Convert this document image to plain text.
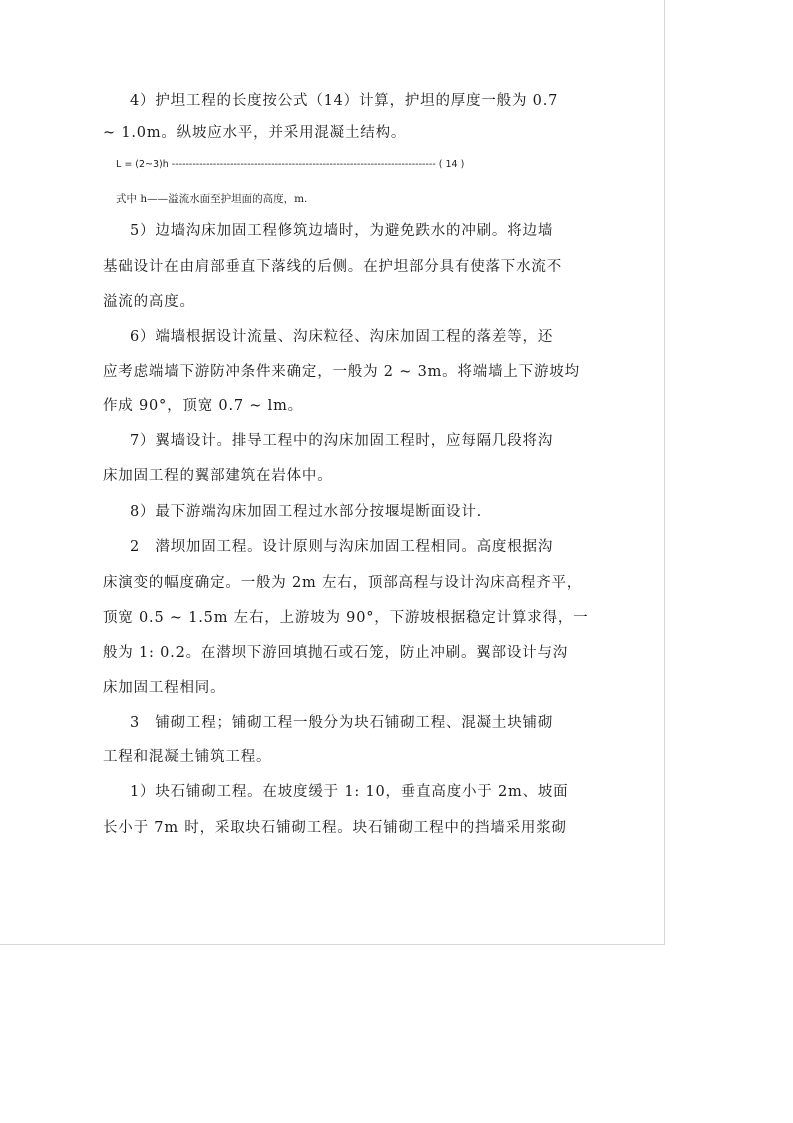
4）护坦工程的长度按公式（14）计算，护坦的厚度一般为 0.7
~ 1.0m。纵坡应水平，并采用混凝土结构。
L = (2~3)h ----------------------------------------------------------------------------- ( 14 )
式中 h——溢流水面至护坦面的高度，m.
5）边墙沟床加固工程修筑边墙时，为避免跌水的冲刷。将边墙
基础设计在由肩部垂直下落线的后侧。在护坦部分具有使落下水流不
溢流的高度。
6）端墙根据设计流量、沟床粒径、沟床加固工程的落差等，还
应考虑端墙下游防冲条件来确定，一般为 2 ~ 3m。将端墙上下游坡均
作成 90°，顶宽 0.7 ~ lm。
7）翼墙设计。排导工程中的沟床加固工程时，应每隔几段将沟
床加固工程的翼部建筑在岩体中。
8）最下游端沟床加固工程过水部分按堰堤断面设计.
2　潜坝加固工程。设计原则与沟床加固工程相同。高度根据沟
床演变的幅度确定。一般为 2m 左右，顶部高程与设计沟床高程齐平，
顶宽 0.5 ~ 1.5m 左右，上游坡为 90°，下游坡根据稳定计算求得，一
般为 1: 0.2。在潜坝下游回填抛石或石笼，防止冲刷。翼部设计与沟
床加固工程相同。
3　铺砌工程；铺砌工程一般分为块石铺砌工程、混凝土块铺砌
工程和混凝土铺筑工程。
1）块石铺砌工程。在坡度缓于 1: 10，垂直高度小于 2m、坡面
长小于 7m 时，采取块石铺砌工程。块石铺砌工程中的挡墙采用浆砌
